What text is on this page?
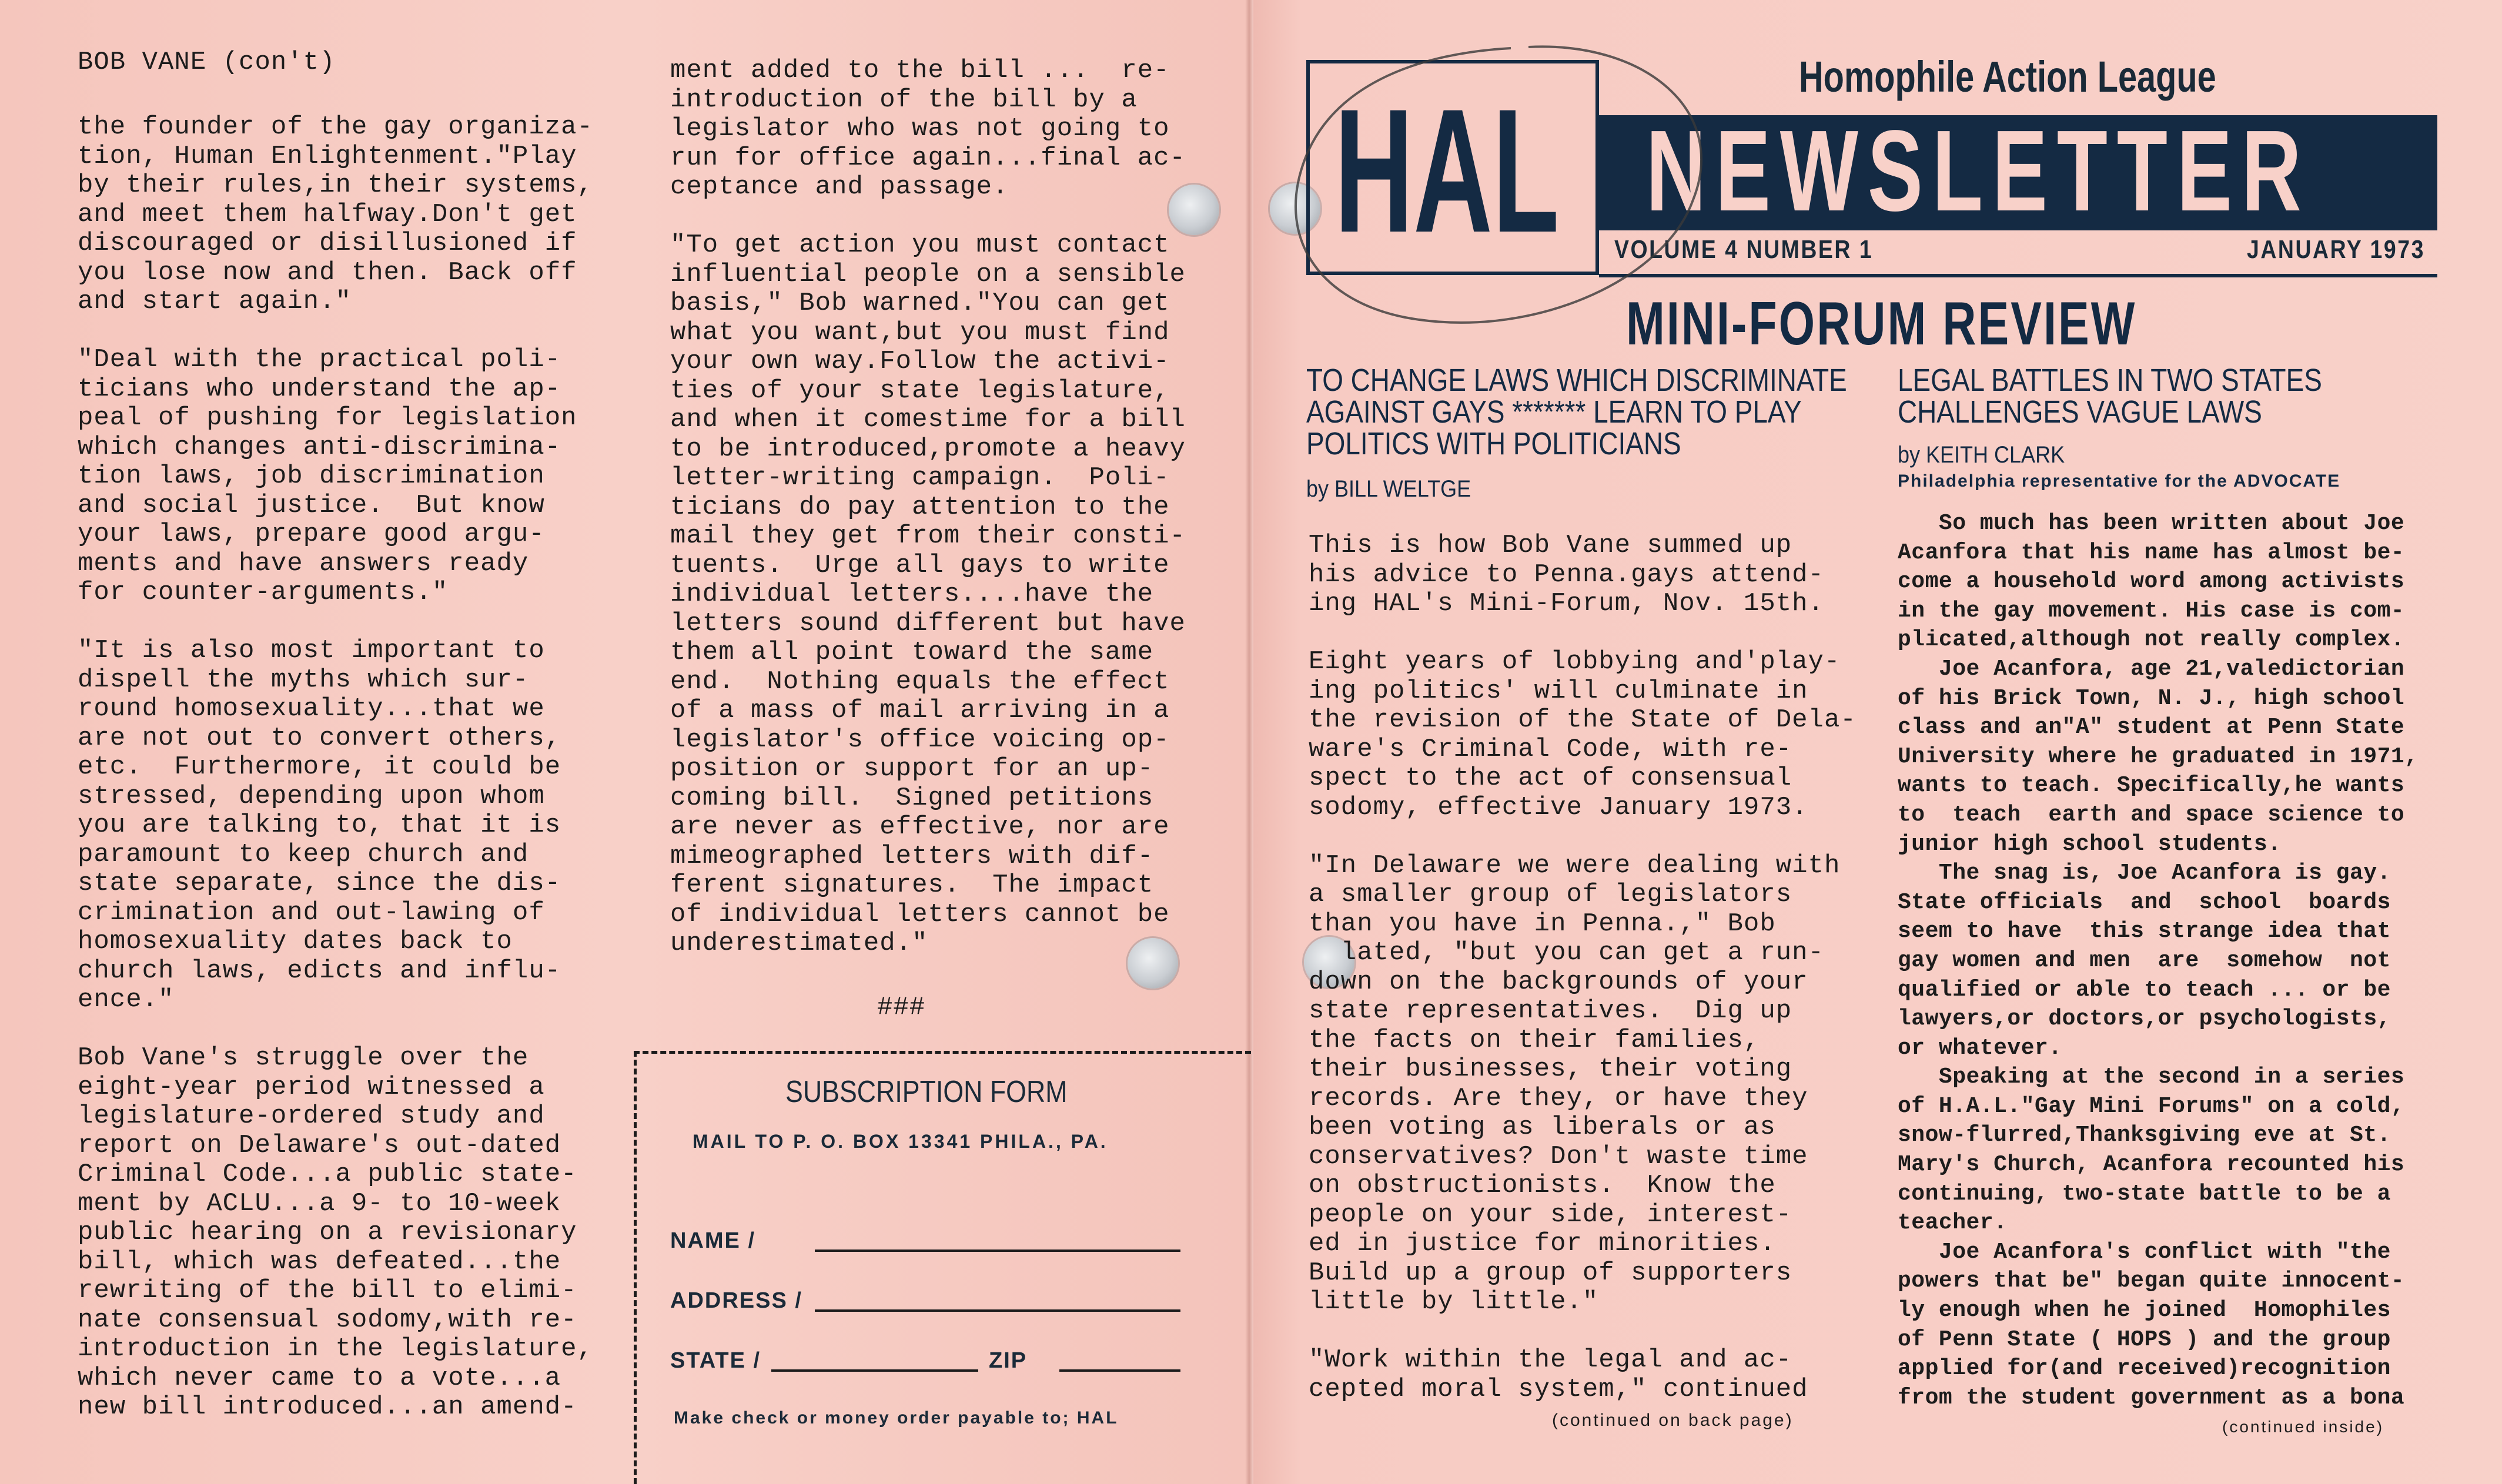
BOB VANE (con't)

the founder of the gay organiza-
tion, Human Enlightenment."Play
by their rules,in their systems,
and meet them halfway.Don't get
discouraged or disillusioned if
you lose now and then. Back off
and start again."

"Deal with the practical poli-
ticians who understand the ap-
peal of pushing for legislation
which changes anti-discrimina-
tion laws, job discrimination
and social justice.  But know
your laws, prepare good argu-
ments and have answers ready
for counter-arguments."

"It is also most important to
dispell the myths which sur-
round homosexuality...that we
are not out to convert others,
etc.  Furthermore, it could be
stressed, depending upon whom
you are talking to, that it is
paramount to keep church and
state separate, since the dis-
crimination and out-lawing of
homosexuality dates back to
church laws, edicts and influ-
ence."

Bob Vane's struggle over the
eight-year period witnessed a
legislature-ordered study and
report on Delaware's out-dated
Criminal Code...a public state-
ment by ACLU...a 9- to 10-week
public hearing on a revisionary
bill, which was defeated...the
rewriting of the bill to elimi-
nate consensual sodomy,with re-
introduction in the legislature,
which never came to a vote...a
new bill introduced...an amend-

ment added to the bill ...  re-
introduction of the bill by a
legislator who was not going to
run for office again...final ac-
ceptance and passage.

"To get action you must contact
influential people on a sensible
basis," Bob warned."You can get
what you want,but you must find
your own way.Follow the activi-
ties of your state legislature,
and when it comestime for a bill
to be introduced,promote a heavy
letter-writing campaign.  Poli-
ticians do pay attention to the
mail they get from their consti-
tuents.  Urge all gays to write
individual letters....have the
letters sound different but have
them all point toward the same
end.  Nothing equals the effect
of a mass of mail arriving in a
legislator's office voicing op-
position or support for an up-
coming bill.  Signed petitions
are never as effective, nor are
mimeographed letters with dif-
ferent signatures.  The impact
of individual letters cannot be
underestimated."

###
SUBSCRIPTION FORM
MAIL TO P. O. BOX 13341 PHILA., PA.
NAME /
ADDRESS /
STATE /	ZIP
Make check or money order payable to; HAL
Homophile Action League
HAL NEWSLETTER
VOLUME 4 NUMBER 1	JANUARY 1973
MINI-FORUM REVIEW
TO CHANGE LAWS WHICH DISCRIMINATE
AGAINST GAYS ******* LEARN TO PLAY
POLITICS WITH POLITICIANS
by BILL WELTGE

This is how Bob Vane summed up
his advice to Penna.gays attend-
ing HAL's Mini-Forum, Nov. 15th.

Eight years of lobbying and'play-
ing politics' will culminate in
the revision of the State of Dela-
ware's Criminal Code, with re-
spect to the act of consensual
sodomy, effective January 1973.

"In Delaware we were dealing with
a smaller group of legislators
than you have in Penna.," Bob
lated, "but you can get a run-
down on the backgrounds of your
state representatives.  Dig up
the facts on their families,
their businesses, their voting
records. Are they, or have they
been voting as liberals or as
conservatives? Don't waste time
on obstructionists.  Know the
people on your side, interest-
ed in justice for minorities.
Build up a group of supporters
little by little."

"Work within the legal and ac-
cepted moral system," continued

(continued on back page)
LEGAL BATTLES IN TWO STATES
CHALLENGES VAGUE LAWS
by KEITH CLARK
Philadelphia representative for the ADVOCATE

So much has been written about Joe
Acanfora that his name has almost be-
come a household word among activists
in the gay movement. His case is com-
plicated,although not really complex.
Joe Acanfora, age 21,valedictorian
of his Brick Town, N. J., high school
class and an"A" student at Penn State
University where he graduated in 1971,
wants to teach. Specifically,he wants
to  teach  earth and space science to
junior high school students.
The snag is, Joe Acanfora is gay.
State officials  and  school  boards
seem to have  this strange idea that
gay women and men  are  somehow  not
qualified or able to teach ... or be
lawyers,or doctors,or psychologists,
or whatever.
Speaking at the second in a series
of H.A.L."Gay Mini Forums" on a cold,
snow-flurred,Thanksgiving eve at St.
Mary's Church, Acanfora recounted his
continuing, two-state battle to be a
teacher.
Joe Acanfora's conflict with "the
powers that be" began quite innocent-
ly enough when he joined  Homophiles
of Penn State ( HOPS ) and the group
applied for(and received)recognition
from the student government as a bona

(continued inside)
